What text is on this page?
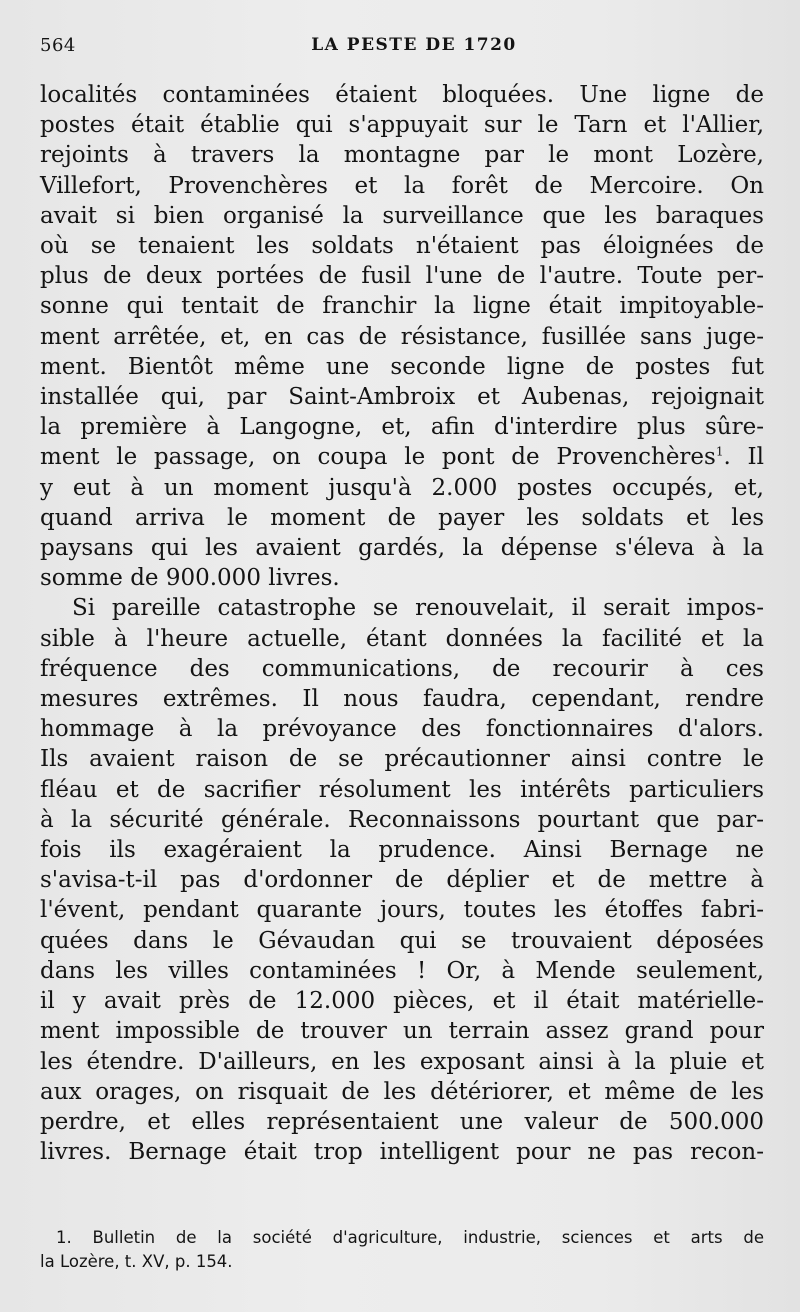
564	LA PESTE DE 1720
localités contaminées étaient bloquées. Une ligne de
postes était établie qui s'appuyait sur le Tarn et l'Allier,
rejoints à travers la montagne par le mont Lozère,
Villefort, Provenchères et la forêt de Mercoire. On
avait si bien organisé la surveillance que les baraques
où se tenaient les soldats n'étaient pas éloignées de
plus de deux portées de fusil l'une de l'autre. Toute per-
sonne qui tentait de franchir la ligne était impitoyable-
ment arrêtée, et, en cas de résistance, fusillée sans juge-
ment. Bientôt même une seconde ligne de postes fut
installée qui, par Saint-Ambroix et Aubenas, rejoignait
la première à Langogne, et, afin d'interdire plus sûre-
ment le passage, on coupa le pont de Provenchères$^1$. Il
y eut à un moment jusqu'à 2.000 postes occupés, et,
quand arriva le moment de payer les soldats et les
paysans qui les avaient gardés, la dépense s'éleva à la
somme de 900.000 livres.
Si pareille catastrophe se renouvelait, il serait impos-
sible à l'heure actuelle, étant données la facilité et la
fréquence des communications, de recourir à ces
mesures extrêmes. Il nous faudra, cependant, rendre
hommage à la prévoyance des fonctionnaires d'alors.
Ils avaient raison de se précautionner ainsi contre le
fléau et de sacrifier résolument les intérêts particuliers
à la sécurité générale. Reconnaissons pourtant que par-
fois ils exagéraient la prudence. Ainsi Bernage ne
s'avisa-t-il pas d'ordonner de déplier et de mettre à
l'évent, pendant quarante jours, toutes les étoffes fabri-
quées dans le Gévaudan qui se trouvaient déposées
dans les villes contaminées ! Or, à Mende seulement,
il y avait près de 12.000 pièces, et il était matérielle-
ment impossible de trouver un terrain assez grand pour
les étendre. D'ailleurs, en les exposant ainsi à la pluie et
aux orages, on risquait de les détériorer, et même de les
perdre, et elles représentaient une valeur de 500.000
livres. Bernage était trop intelligent pour ne pas recon-
1. Bulletin de la société d'agriculture, industrie, sciences et arts de
la Lozère, t. XV, p. 154.
